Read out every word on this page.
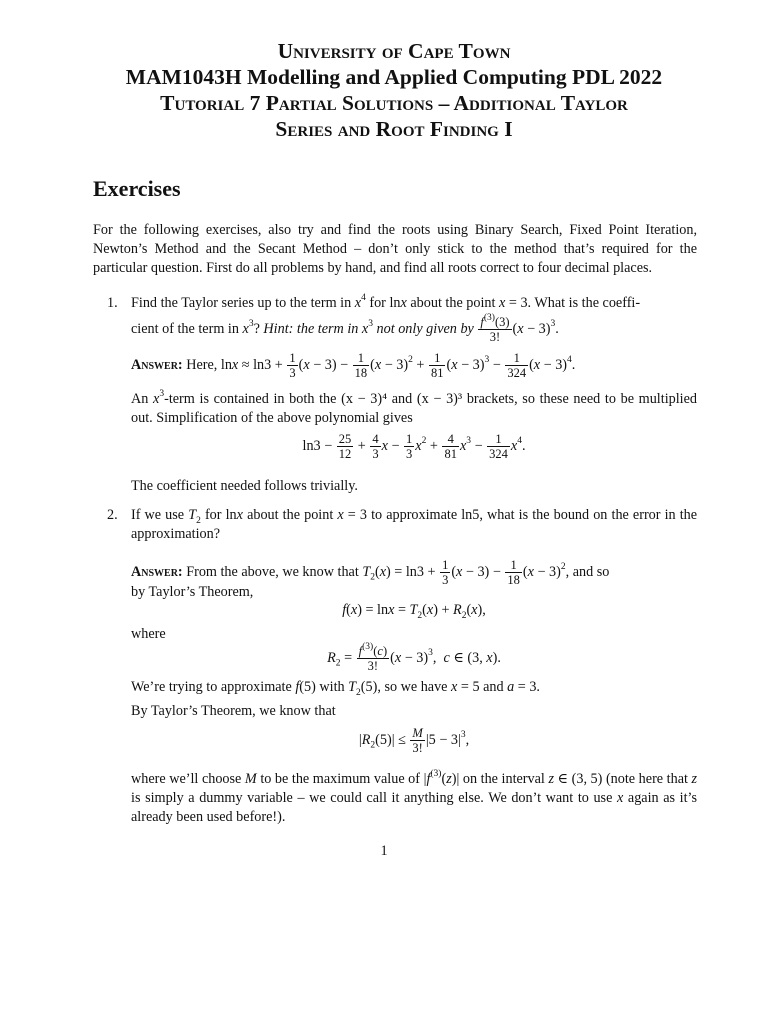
University of Cape Town
MAM1043H Modelling and Applied Computing PDL 2022
Tutorial 7 Partial Solutions – Additional Taylor
Series and Root Finding I
Exercises
For the following exercises, also try and find the roots using Binary Search, Fixed Point Iteration, Newton’s Method and the Secant Method – don’t only stick to the method that’s required for the particular question. First do all problems by hand, and find all roots correct to four decimal places.
1. Find the Taylor series up to the term in $x^4$ for lnx about the point x = 3. What is the coeffi-
cient of the term in $x^3$? Hint: the term in $x^3$ not only given by $\frac{f^{(3)}(3)}{3!} (x - 3)^3$.
Answer: Here, $\ln x \approx \ln 3 + \frac{1}{3} (x - 3) - \frac{1}{18} (x - 3)^2 + \frac{1}{81} (x - 3)^3 - \frac{1}{324} (x - 3)^4$.
An $x^3$-term is contained in both the (x − 3)⁴ and (x − 3)³ brackets, so these need to be multiplied out. Simplification of the above polynomial gives
$\ln 3 - \frac{25}{12} + \frac{4}{3}$ $x - \frac{1}{3} x^2 + \frac{4}{81} x^3 - \frac{1}{324} x^4$.
The coefficient needed follows trivially.
2. If we use $T_2$ for lnx about the point x = 3 to approximate ln5, what is the bound on the error in the approximation?
Answer: From the above, we know that $T_2(x) = \ln 3 + \frac{1}{3} (x - 3) - \frac{1}{18} (x - 3)^2$, and so
by Taylor’s Theorem,
$f(x) = \ln x = T_2(x) + R_2(x)$,
where
$R_2 = \frac{f^{(3)}(c)}{3!} (x - 3)^3$,  c ∈ (3, x).
We’re trying to approximate f(5) with $T_2(5)$, so we have x = 5 and a = 3.
By Taylor’s Theorem, we know that
$|R_2(5)| \le \frac{M}{3!} |5 - 3|^3$,
where we’ll choose M to be the maximum value of $|f^{(3)}(z)|$ on the interval z ∈ (3, 5) (note here that z is simply a dummy variable – we could call it anything else. We don’t want to use x again as it’s already been used before!).
1
